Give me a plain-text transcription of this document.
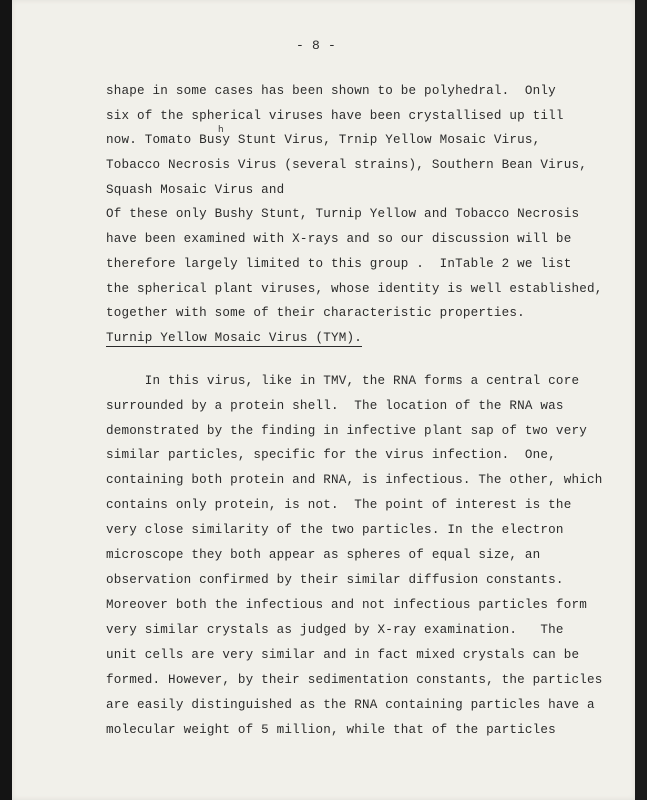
- 8 -
h
shape in some cases has been shown to be polyhedral.  Only
six of the spherical viruses have been crystallised up till
now. Tomato Busy Stunt Virus, Trnip Yellow Mosaic Virus,
Tobacco Necrosis Virus (several strains), Southern Bean Virus,
Squash Mosaic Virus and
Of these only Bushy Stunt, Turnip Yellow and Tobacco Necrosis
have been examined with X-rays and so our discussion will be
therefore largely limited to this group .  InTable 2 we list
the spherical plant viruses, whose identity is well established,
together with some of their characteristic properties.
Turnip Yellow Mosaic Virus (TYM).
In this virus, like in TMV, the RNA forms a central core
surrounded by a protein shell.  The location of the RNA was
demonstrated by the finding in infective plant sap of two very
similar particles, specific for the virus infection.  One,
containing both protein and RNA, is infectious. The other, which
contains only protein, is not.  The point of interest is the
very close similarity of the two particles. In the electron
microscope they both appear as spheres of equal size, an
observation confirmed by their similar diffusion constants.
Moreover both the infectious and not infectious particles form
very similar crystals as judged by X-ray examination.   The
unit cells are very similar and in fact mixed crystals can be
formed. However, by their sedimentation constants, the particles
are easily distinguished as the RNA containing particles have a
molecular weight of 5 million, while that of the particles
